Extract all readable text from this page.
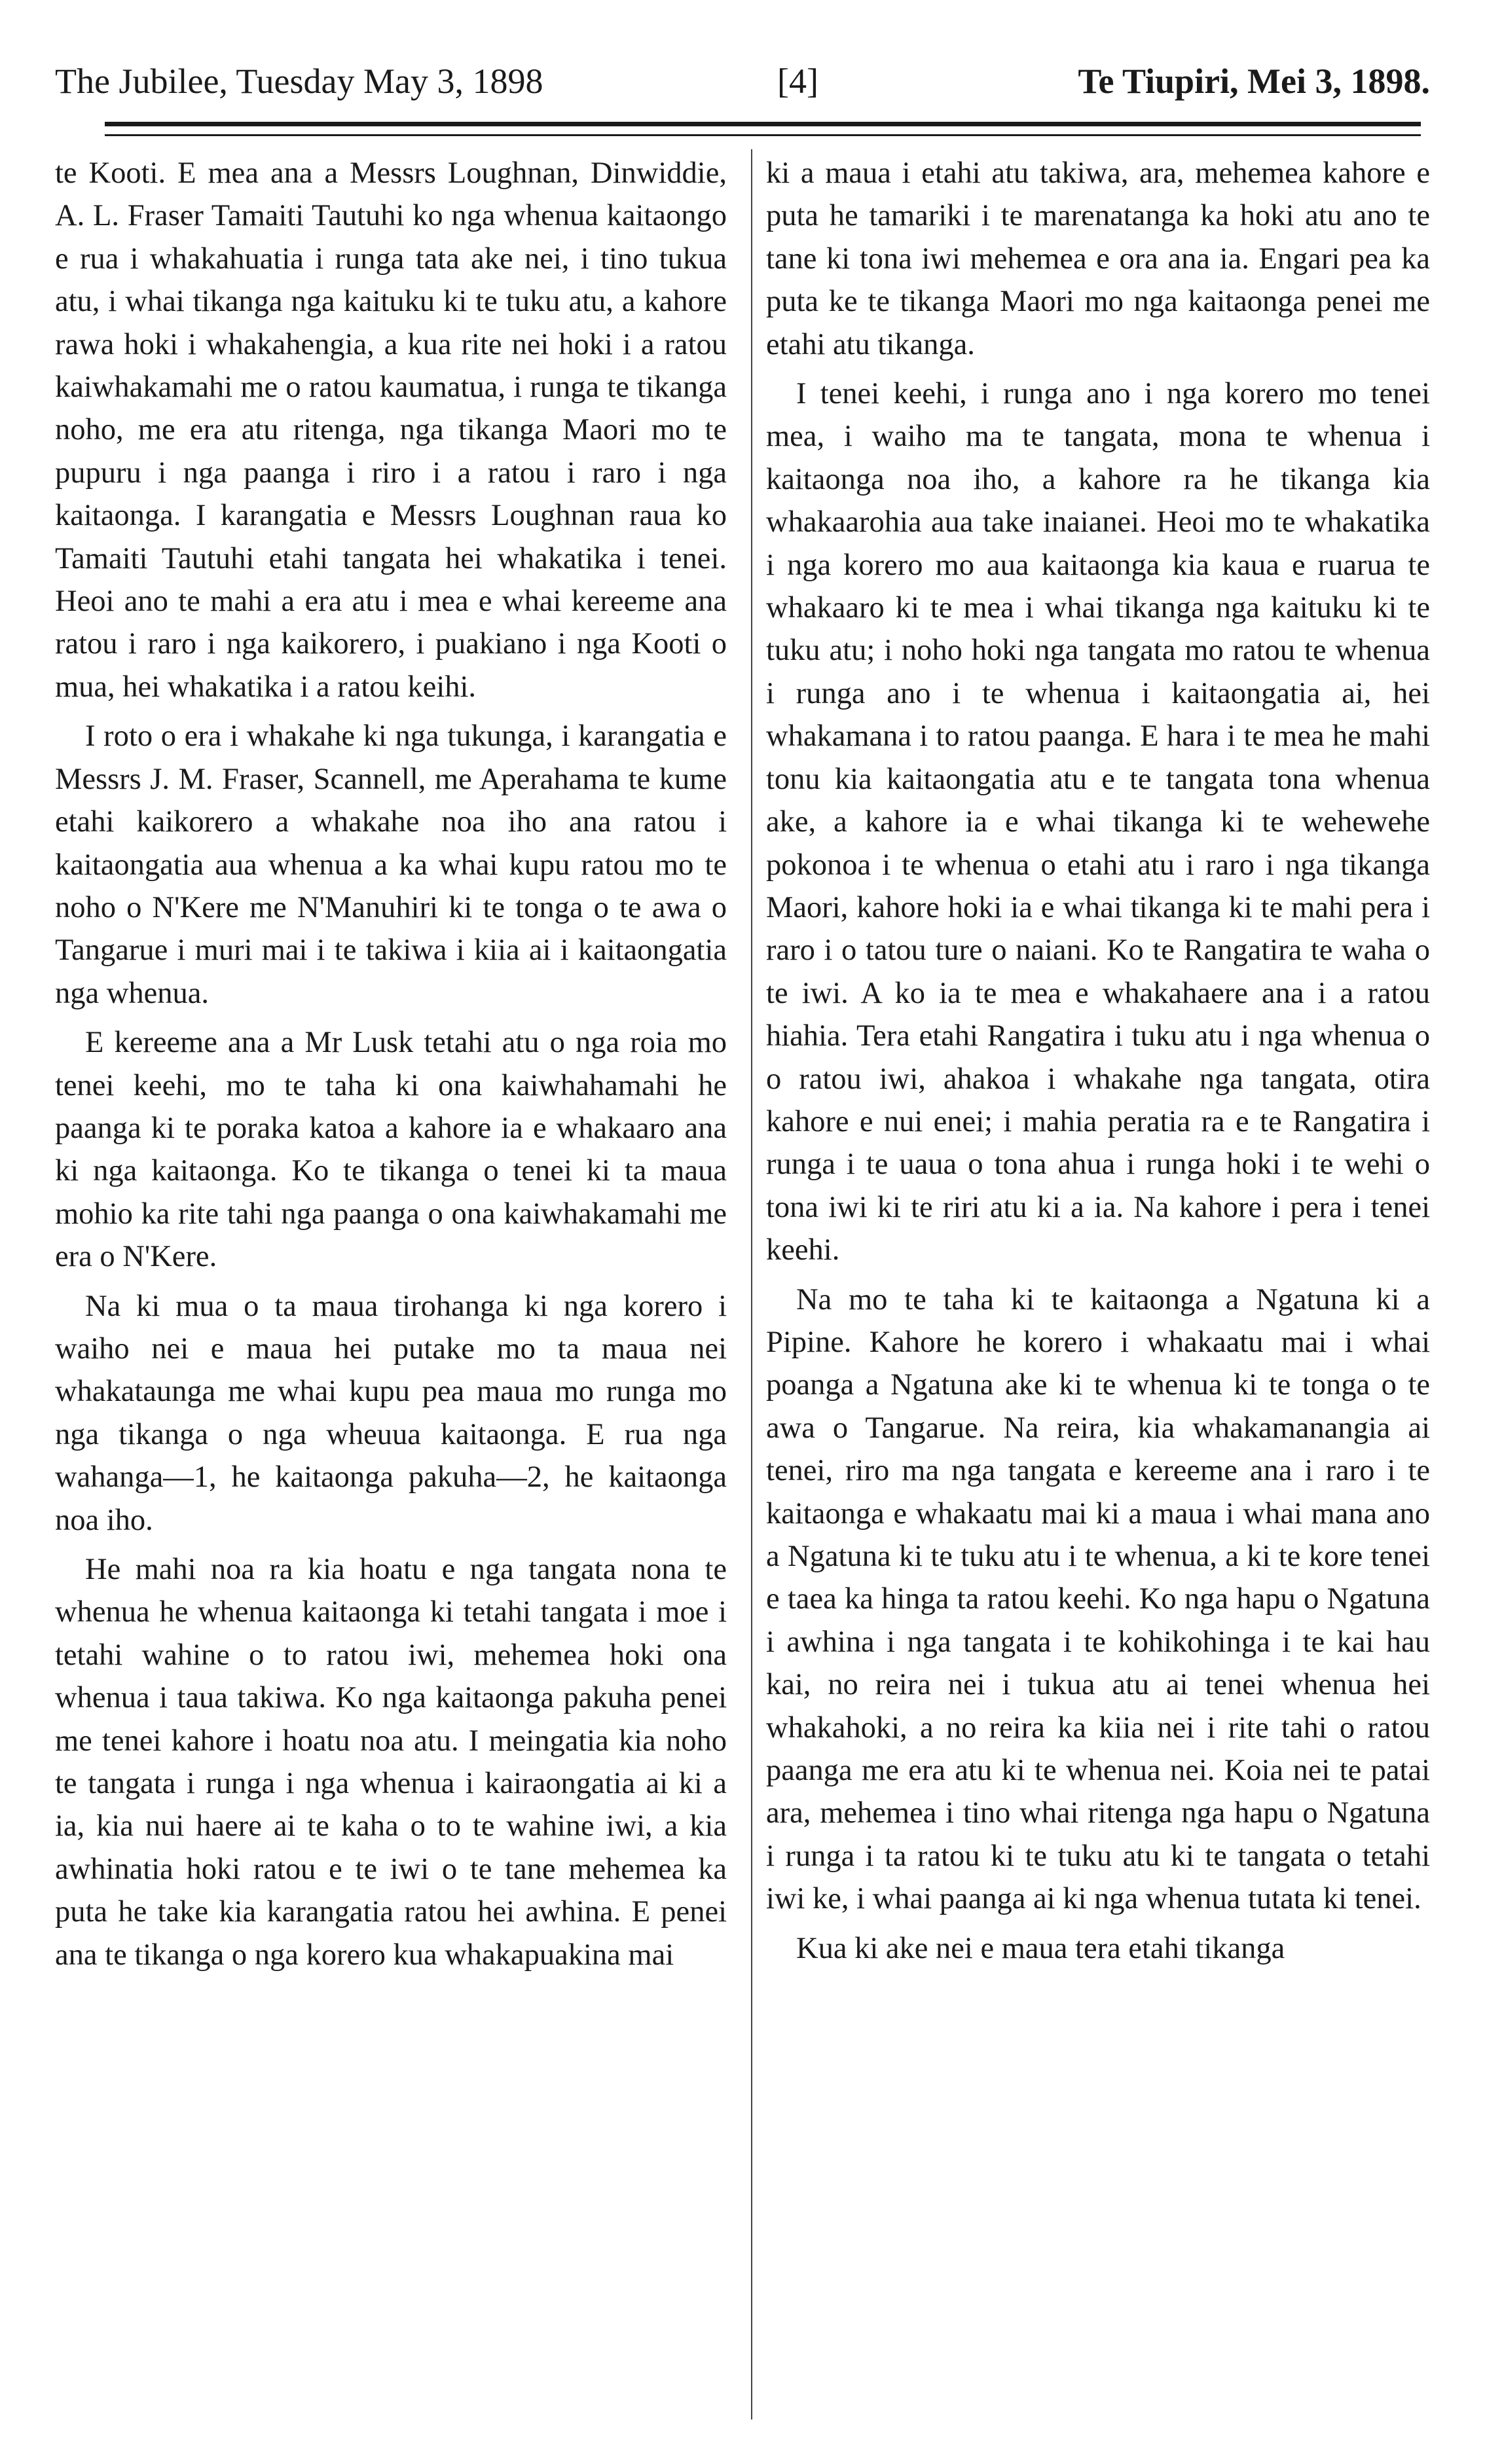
The Jubilee, Tuesday May 3, 1898	[4]	Te Tiupiri, Mei 3, 1898.

te Kooti. E mea ana a Messrs Loughnan, Dinwiddie, A. L. Fraser Tamaiti Tautuhi ko nga whenua kaitaongo e rua i whakahuatia i runga tata ake nei, i tino tukua atu, i whai tikanga nga kaituku ki te tuku atu, a kahore rawa hoki i whakahengia, a kua rite nei hoki i a ratou kaiwhakamahi me o ratou kaumatua, i runga te tikanga noho, me era atu ritenga, nga tikanga Maori mo te pupuru i nga paanga i riro i a ratou i raro i nga kaitaonga. I karangatia e Messrs Loughnan raua ko Tamaiti Tautuhi etahi tangata hei whakatika i tenei. Heoi ano te mahi a era atu i mea e whai kereeme ana ratou i raro i nga kaikorero, i puakiano i nga Kooti o mua, hei whakatika i a ratou keihi.

I roto o era i whakahe ki nga tukunga, i karangatia e Messrs J. M. Fraser, Scannell, me Aperahama te kume etahi kaikorero a whakahe noa iho ana ratou i kaitaongatia aua whenua a ka whai kupu ratou mo te noho o N'Kere me N'Manuhiri ki te tonga o te awa o Tangarue i muri mai i te takiwa i kiia ai i kaitaongatia nga whenua.

E kereeme ana a Mr Lusk tetahi atu o nga roia mo tenei keehi, mo te taha ki ona kaiwhahamahi he paanga ki te poraka katoa a kahore ia e whakaaro ana ki nga kaitaonga. Ko te tikanga o tenei ki ta maua mohio ka rite tahi nga paanga o ona kaiwhakamahi me era o N'Kere.

Na ki mua o ta maua tirohanga ki nga korero i waiho nei e maua hei putake mo ta maua nei whakataunga me whai kupu pea maua mo runga mo nga tikanga o nga wheuua kaitaonga. E rua nga wahanga—1, he kaitaonga pakuha—2, he kaitaonga noa iho.

He mahi noa ra kia hoatu e nga tangata nona te whenua he whenua kaitaonga ki tetahi tangata i moe i tetahi wahine o to ratou iwi, mehemea hoki ona whenua i taua takiwa. Ko nga kaitaonga pakuha penei me tenei kahore i hoatu noa atu. I meingatia kia noho te tangata i runga i nga whenua i kairaongatia ai ki a ia, kia nui haere ai te kaha o to te wahine iwi, a kia awhinatia hoki ratou e te iwi o te tane mehemea ka puta he take kia karangatia ratou hei awhina. E penei ana te tikanga o nga korero kua whakapuakina mai

ki a maua i etahi atu takiwa, ara, mehemea kahore e puta he tamariki i te marenatanga ka hoki atu ano te tane ki tona iwi mehemea e ora ana ia. Engari pea ka puta ke te tikanga Maori mo nga kaitaonga penei me etahi atu tikanga.

I tenei keehi, i runga ano i nga korero mo tenei mea, i waiho ma te tangata, mona te whenua i kaitaonga noa iho, a kahore ra he tikanga kia whakaarohia aua take inaianei. Heoi mo te whakatika i nga korero mo aua kaitaonga kia kaua e ruarua te whakaaro ki te mea i whai tikanga nga kaituku ki te tuku atu; i noho hoki nga tangata mo ratou te whenua i runga ano i te whenua i kaitaongatia ai, hei whakamana i to ratou paanga. E hara i te mea he mahi tonu kia kaitaongatia atu e te tangata tona whenua ake, a kahore ia e whai tikanga ki te wehewehe pokonoa i te whenua o etahi atu i raro i nga tikanga Maori, kahore hoki ia e whai tikanga ki te mahi pera i raro i o tatou ture o naiani. Ko te Rangatira te waha o te iwi. A ko ia te mea e whakahaere ana i a ratou hiahia. Tera etahi Rangatira i tuku atu i nga whenua o o ratou iwi, ahakoa i whakahe nga tangata, otira kahore e nui enei; i mahia peratia ra e te Rangatira i runga i te uaua o tona ahua i runga hoki i te wehi o tona iwi ki te riri atu ki a ia. Na kahore i pera i tenei keehi.

Na mo te taha ki te kaitaonga a Ngatuna ki a Pipine. Kahore he korero i whakaatu mai i whai poanga a Ngatuna ake ki te whenua ki te tonga o te awa o Tangarue. Na reira, kia whakamanangia ai tenei, riro ma nga tangata e kereeme ana i raro i te kaitaonga e whakaatu mai ki a maua i whai mana ano a Ngatuna ki te tuku atu i te whenua, a ki te kore tenei e taea ka hinga ta ratou keehi. Ko nga hapu o Ngatuna i awhina i nga tangata i te kohikohinga i te kai hau kai, no reira nei i tukua atu ai tenei whenua hei whakahoki, a no reira ka kiia nei i rite tahi o ratou paanga me era atu ki te whenua nei. Koia nei te patai ara, mehemea i tino whai ritenga nga hapu o Ngatuna i runga i ta ratou ki te tuku atu ki te tangata o tetahi iwi ke, i whai paanga ai ki nga whenua tutata ki tenei.

Kua ki ake nei e maua tera etahi tikanga
